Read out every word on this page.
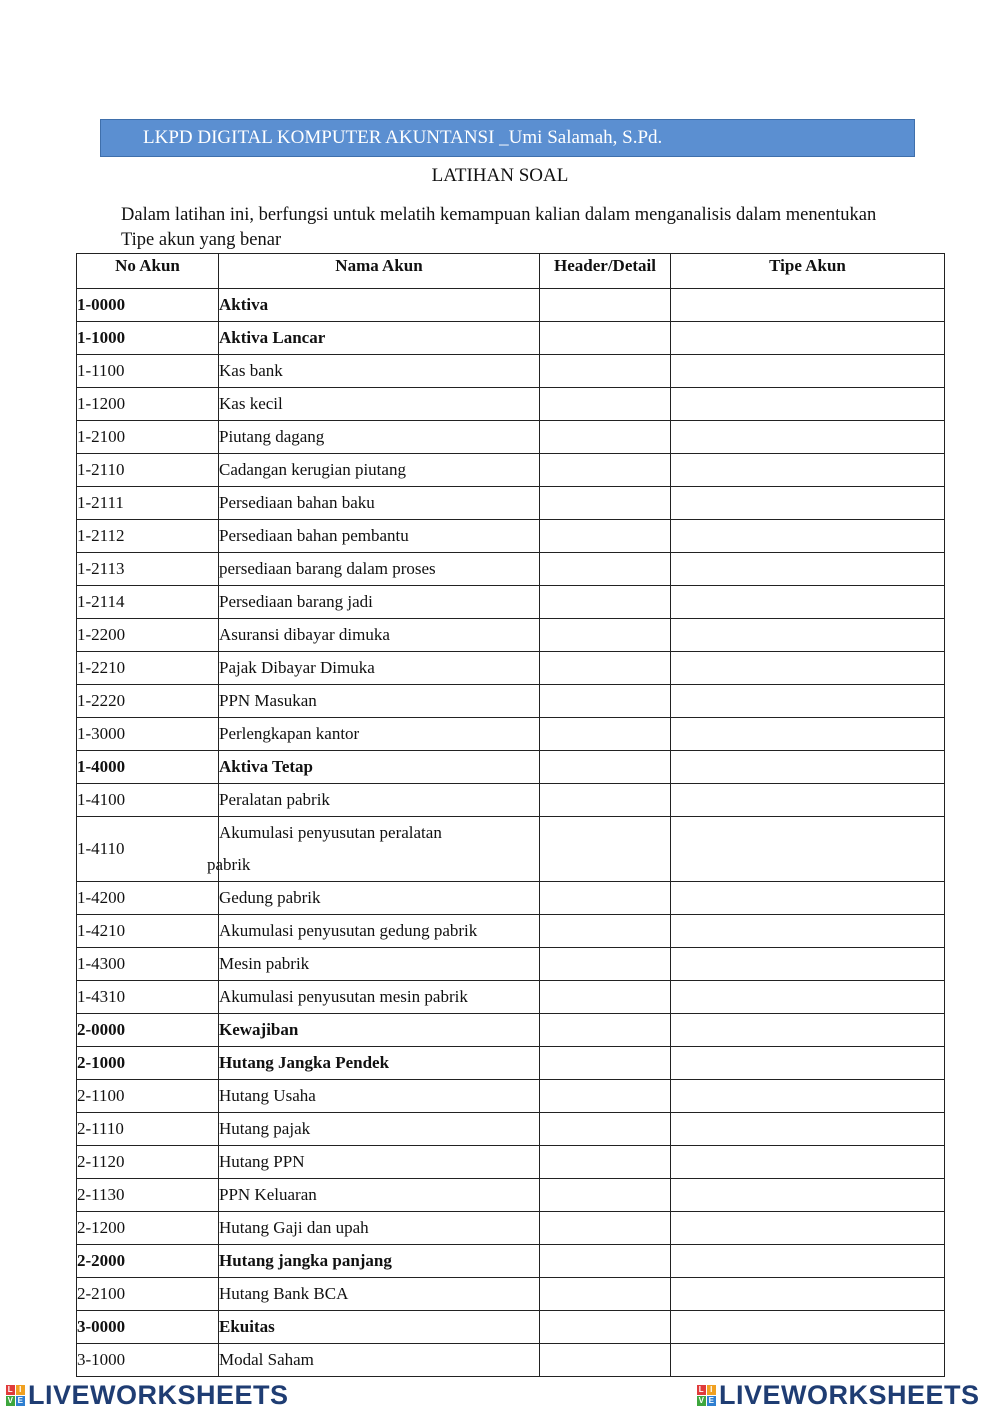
LKPD DIGITAL KOMPUTER AKUNTANSI _Umi Salamah, S.Pd.
LATIHAN SOAL
Dalam latihan ini, berfungsi untuk melatih kemampuan kalian dalam menganalisis dalam menentukan Tipe akun yang benar
No Akun	Nama Akun	Header/Detail	Tipe Akun
1-0000	Aktiva		
1-1000	Aktiva Lancar		
1-1100	Kas bank		
1-1200	Kas kecil		
1-2100	Piutang dagang		
1-2110	Cadangan kerugian piutang		
1-2111	Persediaan bahan baku		
1-2112	Persediaan bahan pembantu		
1-2113	persediaan barang dalam proses		
1-2114	Persediaan barang jadi		
1-2200	Asuransi dibayar dimuka		
1-2210	Pajak Dibayar Dimuka		
1-2220	PPN Masukan		
1-3000	Perlengkapan kantor		
1-4000	Aktiva Tetap		
1-4100	Peralatan pabrik		
1-4110	Akumulasi penyusutan peralatan
pabrik		

1-4200	Gedung pabrik		
1-4210	Akumulasi penyusutan gedung pabrik		
1-4300	Mesin pabrik		
1-4310	Akumulasi penyusutan mesin pabrik		
2-0000	Kewajiban		
2-1000	Hutang Jangka Pendek		
2-1100	Hutang Usaha		
2-1110	Hutang pajak		
2-1120	Hutang PPN		
2-1130	PPN Keluaran		
2-1200	Hutang Gaji dan upah		
2-2000	Hutang jangka panjang		
2-2100	Hutang Bank BCA		
3-0000	Ekuitas		
3-1000	Modal Saham		
L I
V E LIVEWORKSHEETS	L I
V E LIVEWORKSHEETS
